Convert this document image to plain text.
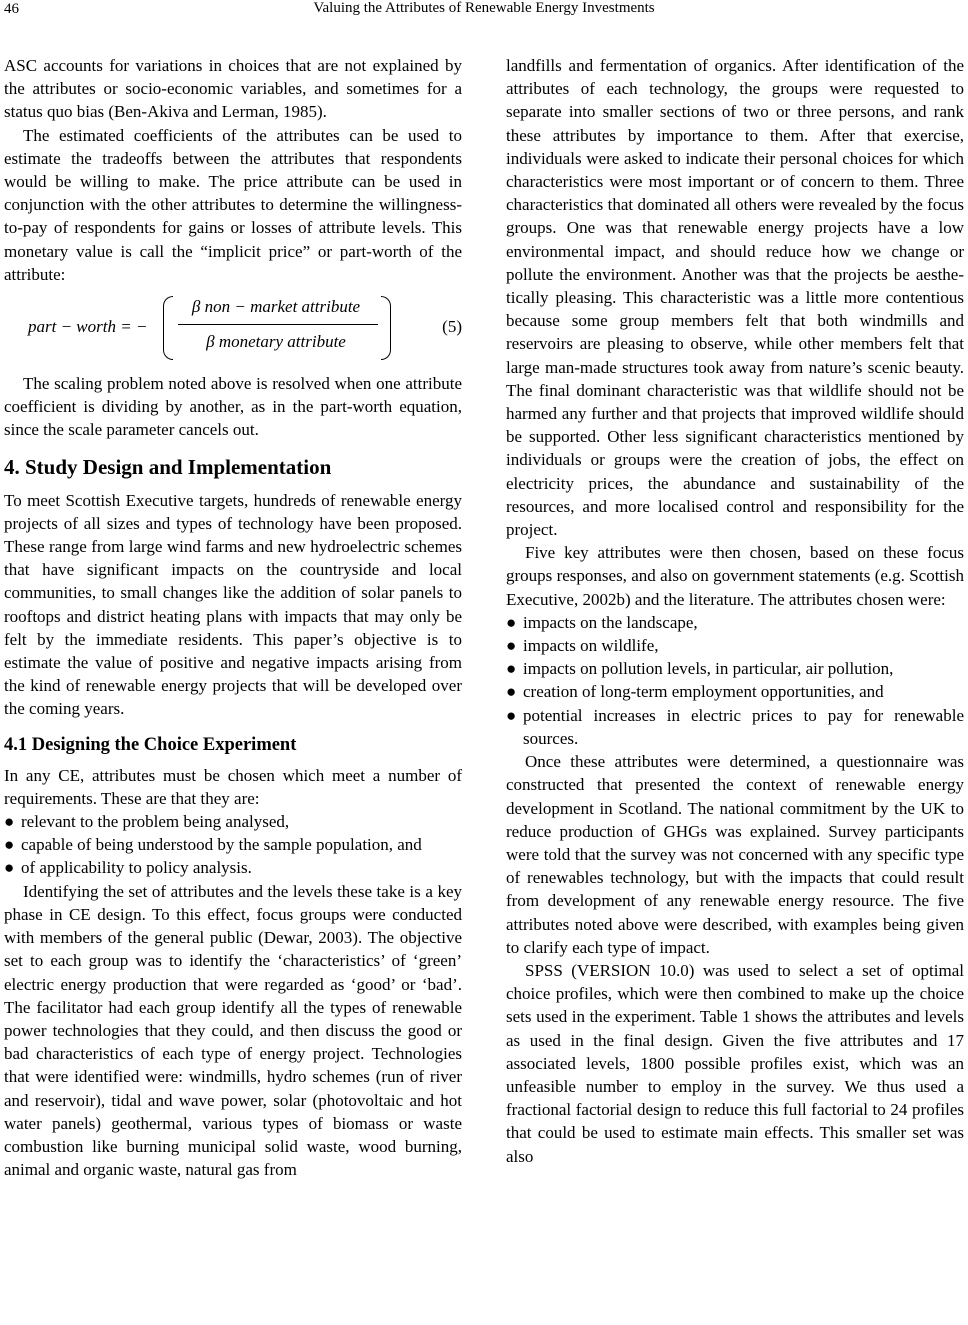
46	Valuing the Attributes of Renewable Energy Investments

ASC accounts for variations in choices that are not explained by the attributes or socio-economic variables, and sometimes for a status quo bias (Ben-Akiva and Lerman, 1985).

The estimated coefficients of the attributes can be used to estimate the tradeoffs between the attributes that respondents would be willing to make. The price attribute can be used in conjunction with the other attributes to determine the willingness-to-pay of respondents for gains or losses of attribute levels. This monetary value is call the “implicit price” or part-worth of the attribute:

part − worth = −
β non − market attribute
β monetary attribute
(5)

The scaling problem noted above is resolved when one attribute coefficient is dividing by another, as in the part-worth equation, since the scale parameter cancels out.

4. Study Design and Implementation

To meet Scottish Executive targets, hundreds of renewable energy projects of all sizes and types of technology have been proposed. These range from large wind farms and new hydroelectric schemes that have significant impacts on the countryside and local communities, to small changes like the addition of solar panels to rooftops and district heating plans with impacts that may only be felt by the immediate residents. This paper’s objective is to estimate the value of positive and negative impacts arising from the kind of renewable energy projects that will be developed over the coming years.

4.1 Designing the Choice Experiment

In any CE, attributes must be chosen which meet a number of requirements. These are that they are:

● relevant to the problem being analysed,
● capable of being understood by the sample population, and
● of applicability to policy analysis.

Identifying the set of attributes and the levels these take is a key phase in CE design. To this effect, focus groups were conducted with members of the general public (Dewar, 2003). The objective set to each group was to identify the ‘characteristics’ of ‘green’ electric energy production that were regarded as ‘good’ or ‘bad’. The facilitator had each group identify all the types of renewable power technologies that they could, and then discuss the good or bad characteristics of each type of energy project. Technologies that were identified were: windmills, hydro schemes (run of river and reservoir), tidal and wave power, solar (photovoltaic and hot water panels) geothermal, various types of biomass or waste combustion like burning municipal solid waste, wood burning, animal and organic waste, natural gas from

landfills and fermentation of organics. After identification of the attributes of each technology, the groups were requested to separate into smaller sections of two or three persons, and rank these attributes by importance to them. After that exercise, individuals were asked to indicate their personal choices for which characteristics were most important or of concern to them. Three characteristics that dominated all others were revealed by the focus groups. One was that renewable energy projects have a low environmental impact, and should reduce how we change or pollute the environment. Another was that the projects be aesthe- tically pleasing. This characteristic was a little more contentious because some group members felt that both windmills and reservoirs are pleasing to observe, while other members felt that large man-made structures took away from nature’s scenic beauty. The final dominant characteristic was that wildlife should not be harmed any further and that projects that improved wildlife should be supported. Other less significant characteristics mentioned by individuals or groups were the creation of jobs, the effect on electricity prices, the abundance and sustainability of the resources, and more localised control and responsibility for the project.

Five key attributes were then chosen, based on these focus groups responses, and also on government statements (e.g. Scottish Executive, 2002b) and the literature. The attributes chosen were:

● impacts on the landscape,
● impacts on wildlife,
● impacts on pollution levels, in particular, air pollution,
● creation of long-term employment opportunities, and
● potential increases in electric prices to pay for renewable sources.

Once these attributes were determined, a questionnaire was constructed that presented the context of renewable energy development in Scotland. The national commitment by the UK to reduce production of GHGs was explained. Survey participants were told that the survey was not concerned with any specific type of renewables technology, but with the impacts that could result from development of any renewable energy resource. The five attributes noted above were described, with examples being given to clarify each type of impact.

SPSS (VERSION 10.0) was used to select a set of optimal choice profiles, which were then combined to make up the choice sets used in the experiment. Table 1 shows the attributes and levels as used in the final design. Given the five attributes and 17 associated levels, 1800 possible profiles exist, which was an unfeasible number to employ in the survey. We thus used a fractional factorial design to reduce this full factorial to 24 profiles that could be used to estimate main effects. This smaller set was also
